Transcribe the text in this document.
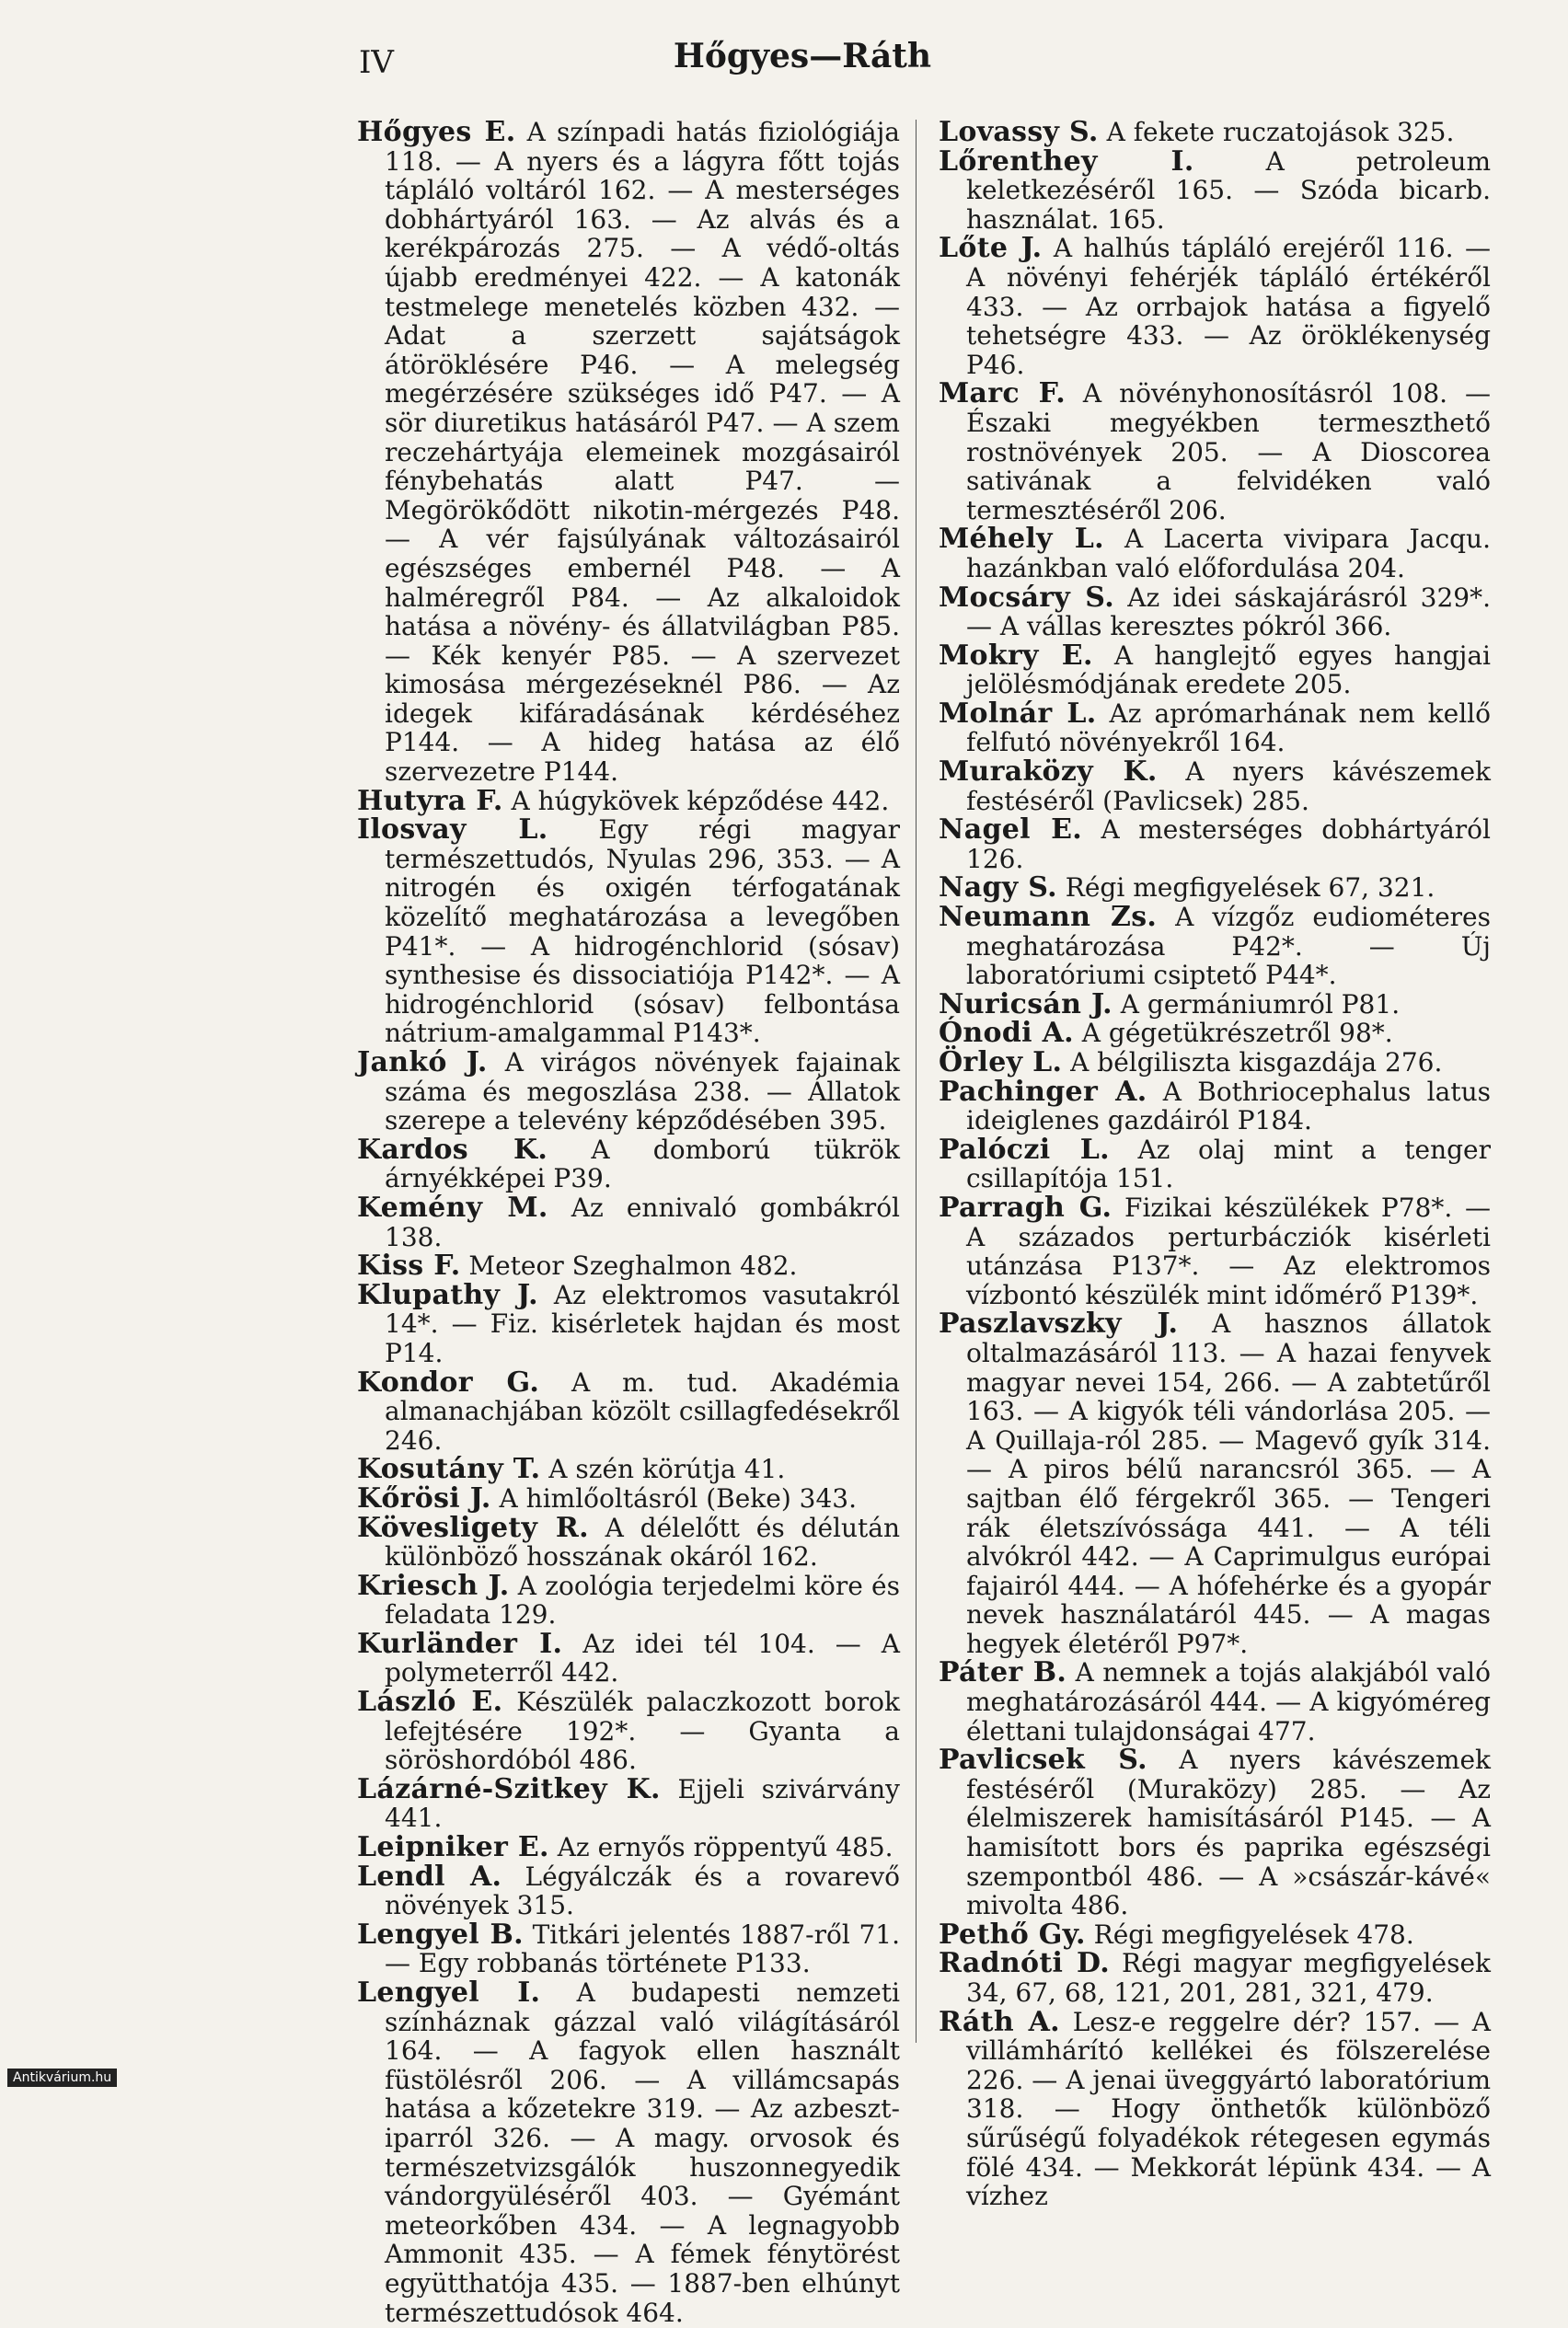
IV	Hőgyes—Ráth

Hőgyes E. A színpadi hatás fiziológiája 118. — A nyers és a lágyra főtt tojás tápláló voltáról 162. — A mesterséges dobhártyáról 163. — Az alvás és a kerékpározás 275. — A védő-oltás újabb eredményei 422. — A katonák testmelege menetelés közben 432. — Adat a szerzett sajátságok átöröklésére P46. — A melegség megérzésére szükséges idő P47. — A sör diuretikus hatásáról P47. — A szem reczehártyája elemeinek mozgásairól fénybehatás alatt P47. — Megörökődött nikotin-mérgezés P48. — A vér fajsúlyának változásairól egészséges embernél P48. — A halméregről P84. — Az alkaloidok hatása a növény- és állatvilágban P85. — Kék kenyér P85. — A szervezet kimosása mérgezéseknél P86. — Az idegek kifáradásának kérdéséhez P144. — A hideg hatása az élő szervezetre P144.

Hutyra F. A húgykövek képződése 442.

Ilosvay L. Egy régi magyar természettudós, Nyulas 296, 353. — A nitrogén és oxigén térfogatának közelítő meghatározása a levegőben P41*. — A hidrogénchlorid (sósav) synthesise és dissociatiója P142*. — A hidrogénchlorid (sósav) felbontása nátrium-amalgammal P143*.

Jankó J. A virágos növények fajainak száma és megoszlása 238. — Állatok szerepe a televény képződésében 395.

Kardos K. A domború tükrök árnyékképei P39.

Kemény M. Az ennivaló gombákról 138.

Kiss F. Meteor Szeghalmon 482.

Klupathy J. Az elektromos vasutakról 14*. — Fiz. kisérletek hajdan és most P14.

Kondor G. A m. tud. Akadémia almanachjában közölt csillagfedésekről 246.

Kosutány T. A szén körútja 41.

Kőrösi J. A himlőoltásról (Beke) 343.

Kövesligety R. A délelőtt és délután különböző hosszának okáról 162.

Kriesch J. A zoológia terjedelmi köre és feladata 129.

Kurländer I. Az idei tél 104. — A polymeterről 442.

László E. Készülék palaczkozott borok lefejtésére 192*. — Gyanta a söröshordóból 486.

Lázárné-Szitkey K. Ejjeli szivárvány 441.

Leipniker E. Az ernyős röppentyű 485.

Lendl A. Légyálczák és a rovarevő növények 315.

Lengyel B. Titkári jelentés 1887-ről 71. — Egy robbanás története P133.

Lengyel I. A budapesti nemzeti színháznak gázzal való világításáról 164. — A fagyok ellen használt füstölésről 206. — A villámcsapás hatása a kőzetekre 319. — Az azbeszt-iparról 326. — A magy. orvosok és természetvizsgálók huszonnegyedik vándorgyüléséről 403. — Gyémánt meteorkőben 434. — A legnagyobb Ammonit 435. — A fémek fénytörést együtthatója 435. — 1887-ben elhúnyt természettudósok 464.

Lovassy S. A fekete ruczatojások 325.

Lőrenthey I. A petroleum keletkezéséről 165. — Szóda bicarb. használat. 165.

Lőte J. A halhús tápláló erejéről 116. — A növényi fehérjék tápláló értékéről 433. — Az orrbajok hatása a figyelő tehetségre 433. — Az öröklékenység P46.

Marc F. A növényhonosításról 108. — Északi megyékben termeszthető rostnövények 205. — A Dioscorea sativának a felvidéken való termesztéséről 206.

Méhely L. A Lacerta vivipara Jacqu. hazánkban való előfordulása 204.

Mocsáry S. Az idei sáskajárásról 329*. — A vállas keresztes pókról 366.

Mokry E. A hanglejtő egyes hangjai jelölésmódjának eredete 205.

Molnár L. Az aprómarhának nem kellő felfutó növényekről 164.

Muraközy K. A nyers kávészemek festéséről (Pavlicsek) 285.

Nagel E. A mesterséges dobhártyáról 126.

Nagy S. Régi megfigyelések 67, 321.

Neumann Zs. A vízgőz eudiométeres meghatározása P42*. — Új laboratóriumi csiptető P44*.

Nuricsán J. A germániumról P81.

Ónodi A. A gégetükrészetről 98*.

Örley L. A bélgiliszta kisgazdája 276.

Pachinger A. A Bothriocephalus latus ideiglenes gazdáiról P184.

Palóczi L. Az olaj mint a tenger csillapítója 151.

Parragh G. Fizikai készülékek P78*. — A százados perturbácziók kisérleti utánzása P137*. — Az elektromos vízbontó készülék mint időmérő P139*.

Paszlavszky J. A hasznos állatok oltalmazásáról 113. — A hazai fenyvek magyar nevei 154, 266. — A zabtetűről 163. — A kigyók téli vándorlása 205. — A Quillaja-ról 285. — Magevő gyík 314. — A piros bélű narancsról 365. — A sajtban élő férgekről 365. — Tengeri rák életszívóssága 441. — A téli alvókról 442. — A Caprimulgus európai fajairól 444. — A hófehérke és a gyopár nevek használatáról 445. — A magas hegyek életéről P97*.

Páter B. A nemnek a tojás alakjából való meghatározásáról 444. — A kigyóméreg élettani tulajdonságai 477.

Pavlicsek S. A nyers kávészemek festéséről (Muraközy) 285. — Az élelmiszerek hamisításáról P145. — A hamisított bors és paprika egészségi szempontból 486. — A »császár-kávé« mivolta 486.

Pethő Gy. Régi megfigyelések 478.

Radnóti D. Régi magyar megfigyelések 34, 67, 68, 121, 201, 281, 321, 479.

Ráth A. Lesz-e reggelre dér? 157. — A villámhárító kellékei és fölszerelése 226. — A jenai üveggyártó laboratórium 318. — Hogy önthetők különböző sűrűségű folyadékok rétegesen egymás fölé 434. — Mekkorát lépünk 434. — A vízhez

Antikvárium.hu
